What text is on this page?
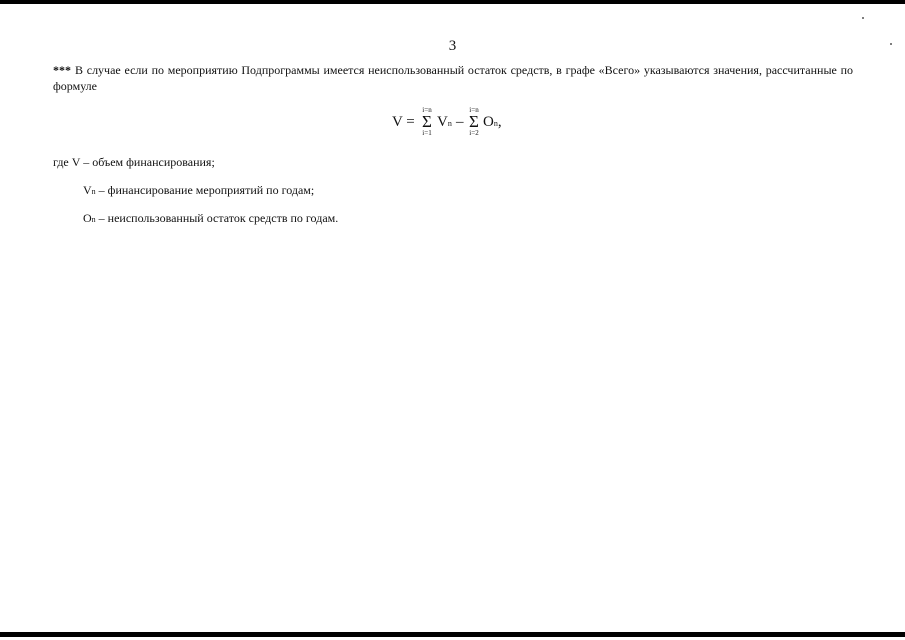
3
*** В случае если по мероприятию Подпрограммы имеется неиспользованный остаток средств, в графе «Всего» указываются значения, рассчитанные по формуле
V =
i=n
Σ
i=1
Vn –
i=n
Σ
i=2
On,
где V – объем финансирования;
Vn – финансирование мероприятий по годам;
On – неиспользованный остаток средств по годам.
